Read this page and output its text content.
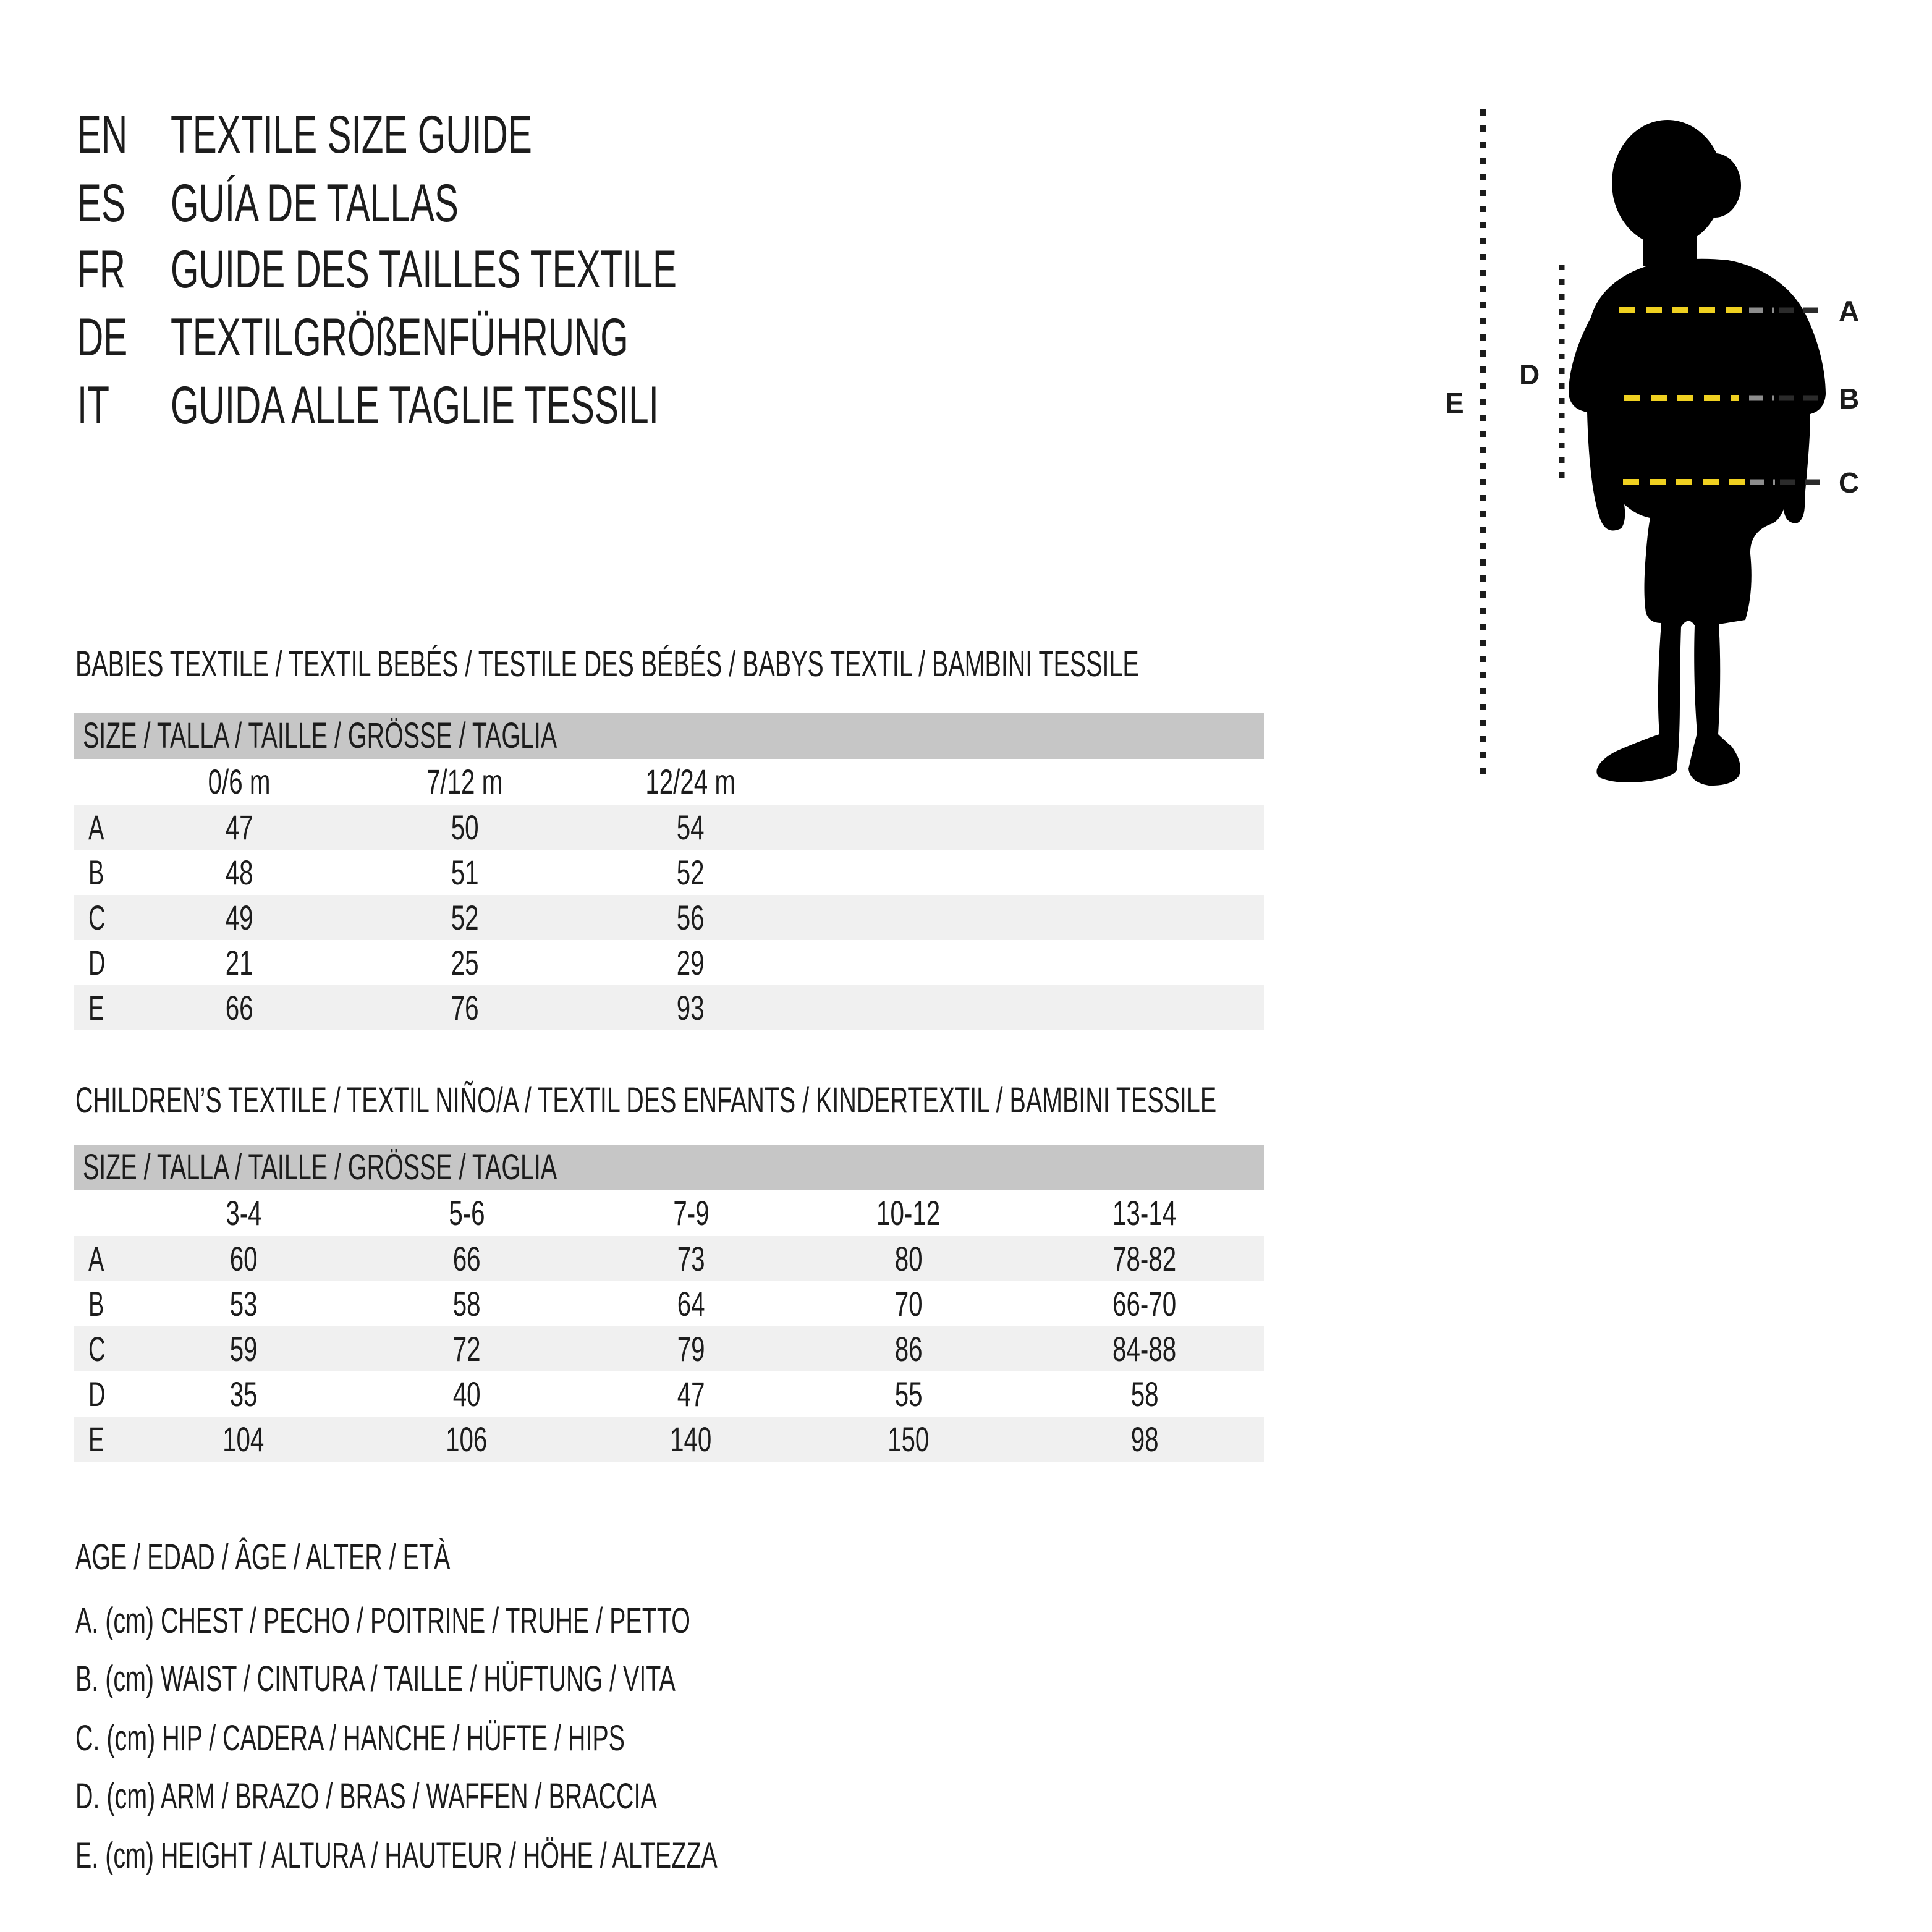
EN TEXTILE SIZE GUIDE
ES GUÍA DE TALLAS
FR GUIDE DES TAILLES TEXTILE
DE TEXTILGRÖßENFÜHRUNG
IT GUIDA ALLE TAGLIE TESSILI	E
D
A
B
C
BABIES TEXTILE / TEXTIL BEBÉS / TESTILE DES BÉBÉS / BABYS TEXTIL / BAMBINI TESSILE
SIZE / TALLA / TAILLE / GRÖSSE / TAGLIA
0/6 m	7/12 m	12/24 m
A	47	50	54
B	48	51	52
C	49	52	56
D	21	25	29
E	66	76	93
CHILDREN’S TEXTILE / TEXTIL NIÑO/A / TEXTIL DES ENFANTS / KINDERTEXTIL / BAMBINI TESSILE
SIZE / TALLA / TAILLE / GRÖSSE / TAGLIA
3-4	5-6	7-9	10-12	13-14
A	60	66	73	80	78-82
B	53	58	64	70	66-70
C	59	72	79	86	84-88
D	35	40	47	55	58
E	104	106	140	150	98
AGE / EDAD / ÂGE / ALTER / ETÀ
A. (cm) CHEST / PECHO / POITRINE / TRUHE / PETTO
B. (cm) WAIST / CINTURA / TAILLE / HÜFTUNG / VITA
C. (cm) HIP / CADERA / HANCHE / HÜFTE / HIPS
D. (cm) ARM / BRAZO / BRAS / WAFFEN / BRACCIA
E. (cm) HEIGHT / ALTURA / HAUTEUR / HÖHE / ALTEZZA
